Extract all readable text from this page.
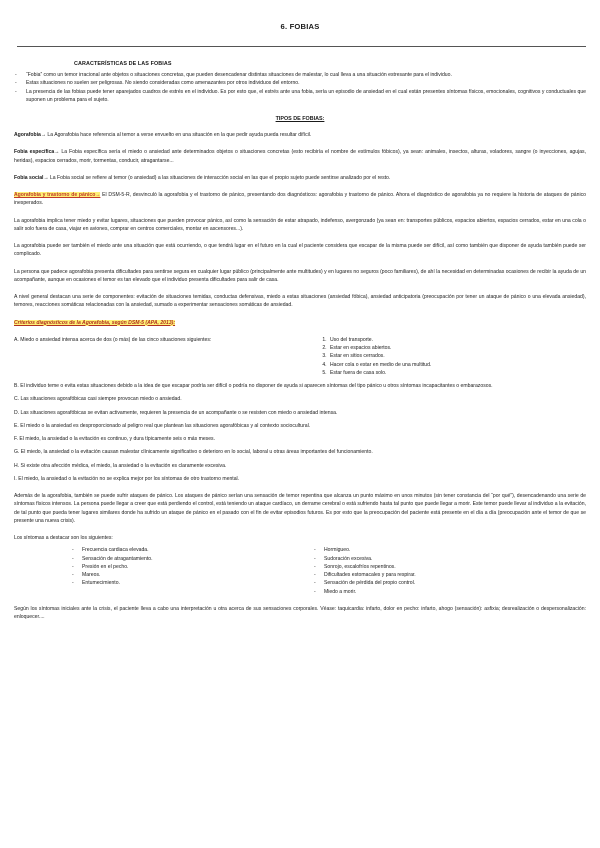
6. FOBIAS
CARACTERÍSTICAS DE LAS FOBIAS
- “Fobia” como un temor irracional ante objetos o situaciones concretas, que pueden desencadenar distintas situaciones de malestar, lo cual lleva a una situación estresante para el individuo.
- Estas situaciones no suelen ser peligrosas. No siendo consideradas como amenazantes por otros individuos del entorno.
- La presencia de las fobias puede tener aparejados cuadros de estrés en el individuo. Es por esto que, el estrés ante una fobia, sería un episodio de ansiedad en el cual están presentes síntomas físicos, emocionales, cognitivos y conductuales que suponen un problema para el sujeto.
TIPOS DE FOBIAS:

Agorafobia→ La Agorafobia hace referencia al temor a verse envuelto en una situación en la que pedir ayuda pueda resultar difícil.

Fobia específica→ La Fobia específica sería el miedo o ansiedad ante determinados objetos o situaciones concretas (esto recibiría el nombre de estímulos fóbicos), ya sean: animales, insectos, alturas, voladores, sangre (o inyecciones, agujas, heridas), espacios cerrados, morir, tormentas, conducir, atragantarse...

Fobia social→ La Fobia social se refiere al temor (o ansiedad) a las situaciones de interacción social en las que el propio sujeto puede sentirse analizado por el resto.

Agorafobia y trastorno de pánico→ El DSM-5-R, desvinculó la agorafobia y el trastorno de pánico, presentando dos diagnósticos: agorafobia y trastorno de pánico. Ahora el diagnóstico de agorafobia ya no requiere la historia de ataques de pánico inesperados.

La agorafobia implica tener miedo y evitar lugares, situaciones que pueden provocar pánico, así como la sensación de estar atrapado, indefenso, avergonzado (ya sean en: transportes públicos, espacios abiertos, espacios cerrados, estar en una cola o salir solo fuera de casa, viajar en aviones, comprar en centros comerciales, montar en ascensores...).

La agorafobia puede ser también el miedo ante una situación que está ocurriendo, o que tendrá lugar en el futuro en la cual el paciente considera que escapar de la misma puede ser difícil, así como también que disponer de ayuda también puede ser complicado.

La persona que padece agorafobia presenta dificultades para sentirse segura en cualquier lugar público (principalmente ante multitudes) y en lugares no seguros (poco familiares), de ahí la necesidad en determinadas ocasiones de recibir la ayuda de un acompañante, aunque en ocasiones el temor es tan elevado que el individuo presenta dificultades para salir de casa.

A nivel general destacan una serie de componentes: evitación de situaciones temidas, conductas defensivas, miedo a estas situaciones (ansiedad fóbica), ansiedad anticipatoria (preocupación por tener un ataque de pánico o una elevada ansiedad), temores, reacciones somáticas relacionadas con la ansiedad, sumado a experimentar sensaciones somáticas de ansiedad.

Criterios diagnósticos de la Agorafobia, según DSM-5 (APA, 2013):

A. Miedo o ansiedad intensa acerca de dos (o más) de las cinco situaciones siguientes:
1.	Uso del transporte.
2. Estar en espacios abiertos.
3. Estar en sitios cerrados.
4. Hacer cola o estar en medio de una multitud.
5. Estar fuera de casa solo.

B. El individuo teme o evita estas situaciones debido a la idea de que escapar podría ser difícil o podría no disponer de ayuda si aparecen síntomas del tipo pánico u otros síntomas incapacitantes o embarazosos.

C. Las situaciones agorafóbicas casi siempre provocan miedo o ansiedad.

D. Las situaciones agorafóbicas se evitan activamente, requieren la presencia de un acompañante o se resisten con miedo o ansiedad intensa.

E. El miedo o la ansiedad es desproporcionado al peligro real que plantean las situaciones agorafóbicas y al contexto sociocultural.

F. El miedo, la ansiedad o la evitación es continuo, y dura típicamente seis o más meses.

G. El miedo, la ansiedad o la evitación causan malestar clínicamente significativo o deterioro en lo social, laboral u otras áreas importantes del funcionamiento.

H. Si existe otra afección médica, el miedo, la ansiedad o la evitación es claramente excesiva.

I. El miedo, la ansiedad o la evitación no se explica mejor por los síntomas de otro trastorno mental.

Además de la agorafobia, también se puede sufrir ataques de pánico. Los ataques de pánico serían una sensación de temor repentina que alcanza un punto máximo en unos minutos (sin tener constancia del “por qué”), desencadenando una serie de síntomas físicos intensos. La persona puede llegar a creer que está perdiendo el control, está teniendo un ataque cardíaco, un derrame cerebral o está sufriendo hasta tal punto que puede llegar a morir. Este temor puede llevar al individuo a la evitación, de tal punto que pueda tener lugares similares donde ha sufrido un ataque de pánico en el pasado con el fin de evitar episodios futuros. Es por esto que la preocupación del paciente está presente en el día a día (preocupación ante el temor de que se presente una nueva crisis).

Los síntomas a destacar son los siguientes:

- Frecuencia cardiaca elevada.
- Sensación de atragantamiento.
- Presión en el pecho.
- Mareos.
- Entumecimiento.
- Hormigueo.
- Sudoración excesiva.
- Sonrojo, escalofríos repentinos.
- Dificultades estomacales y para respirar.
- Sensación de pérdida del propio control.
- Miedo a morir.

Según los síntomas iniciales ante la crisis, el paciente lleva a cabo una interpretación u otra acerca de sus sensaciones corporales. Véase: taquicardia: infarto, dolor en pecho: infarto, ahogo (sensación): asfixia; desrealización o despersonalización: enloquecer....
